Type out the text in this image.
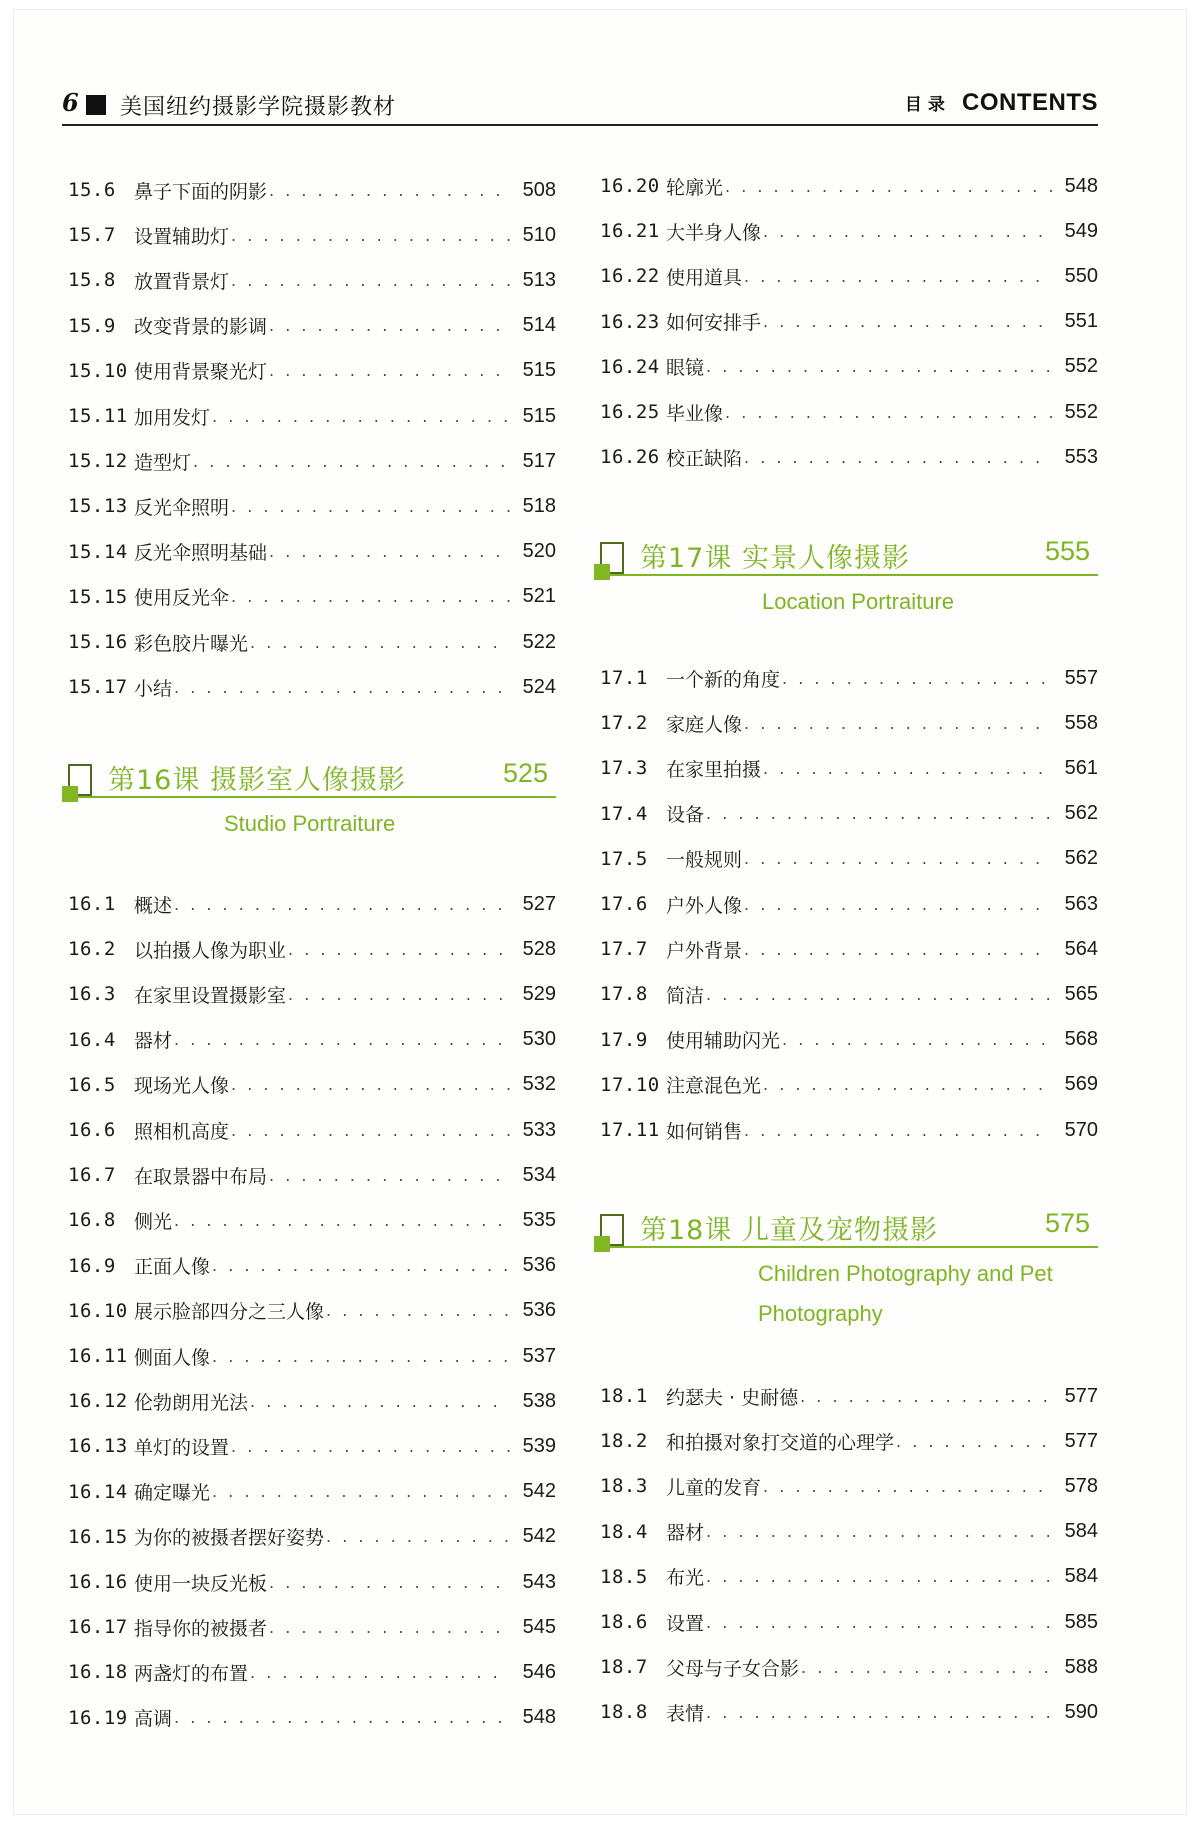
6 美国纽约摄影学院摄影教材	目录 CONTENTS
15.6 鼻子下面的阴影 . . .	508
15.7 设置辅助灯 . . .	510
15.8 放置背景灯 . . .	513
15.9 改变背景的影调 . . .	514
15.10 使用背景聚光灯 . . .	515
15.11 加用发灯 . . .	515
15.12 造型灯 . . .	517
15.13 反光伞照明 . . .	518
15.14 反光伞照明基础 . . .	520
15.15 使用反光伞 . . .	521
15.16 彩色胶片曝光 . . .	522
15.17 小结 . . .	524
第16课 摄影室人像摄影	525
Studio Portraiture
16.1 概述 . . .	527
16.2 以拍摄人像为职业 . . .	528
16.3 在家里设置摄影室 . . .	529
16.4 器材 . . .	530
16.5 现场光人像 . . .	532
16.6 照相机高度 . . .	533
16.7 在取景器中布局 . . .	534
16.8 侧光 . . .	535
16.9 正面人像 . . .	536
16.10 展示脸部四分之三人像 . . .	536
16.11 侧面人像 . . .	537
16.12 伦勃朗用光法 . . .	538
16.13 单灯的设置 . . .	539
16.14 确定曝光 . . .	542
16.15 为你的被摄者摆好姿势 . . .	542
16.16 使用一块反光板 . . .	543
16.17 指导你的被摄者 . . .	545
16.18 两盏灯的布置 . . .	546
16.19 高调 . . .	548
16.20 轮廓光 . . .	548
16.21 大半身人像 . . .	549
16.22 使用道具 . . .	550
16.23 如何安排手 . . .	551
16.24 眼镜 . . .	552
16.25 毕业像 . . .	552
16.26 校正缺陷 . . .	553
第17课 实景人像摄影	555
Location Portraiture
17.1 一个新的角度 . . .	557
17.2 家庭人像 . . .	558
17.3 在家里拍摄 . . .	561
17.4 设备 . . .	562
17.5 一般规则 . . .	562
17.6 户外人像 . . .	563
17.7 户外背景 . . .	564
17.8 简洁 . . .	565
17.9 使用辅助闪光 . . .	568
17.10 注意混色光 . . .	569
17.11 如何销售 . . .	570
第18课 儿童及宠物摄影	575
Children Photography and Pet
Photography
18.1 约瑟夫 · 史耐德 . . .	577
18.2 和拍摄对象打交道的心理学 . . .	577
18.3 儿童的发育 . . .	578
18.4 器材 . . .	584
18.5 布光 . . .	584
18.6 设置 . . .	585
18.7 父母与子女合影 . . .	588
18.8 表情 . . .	590
